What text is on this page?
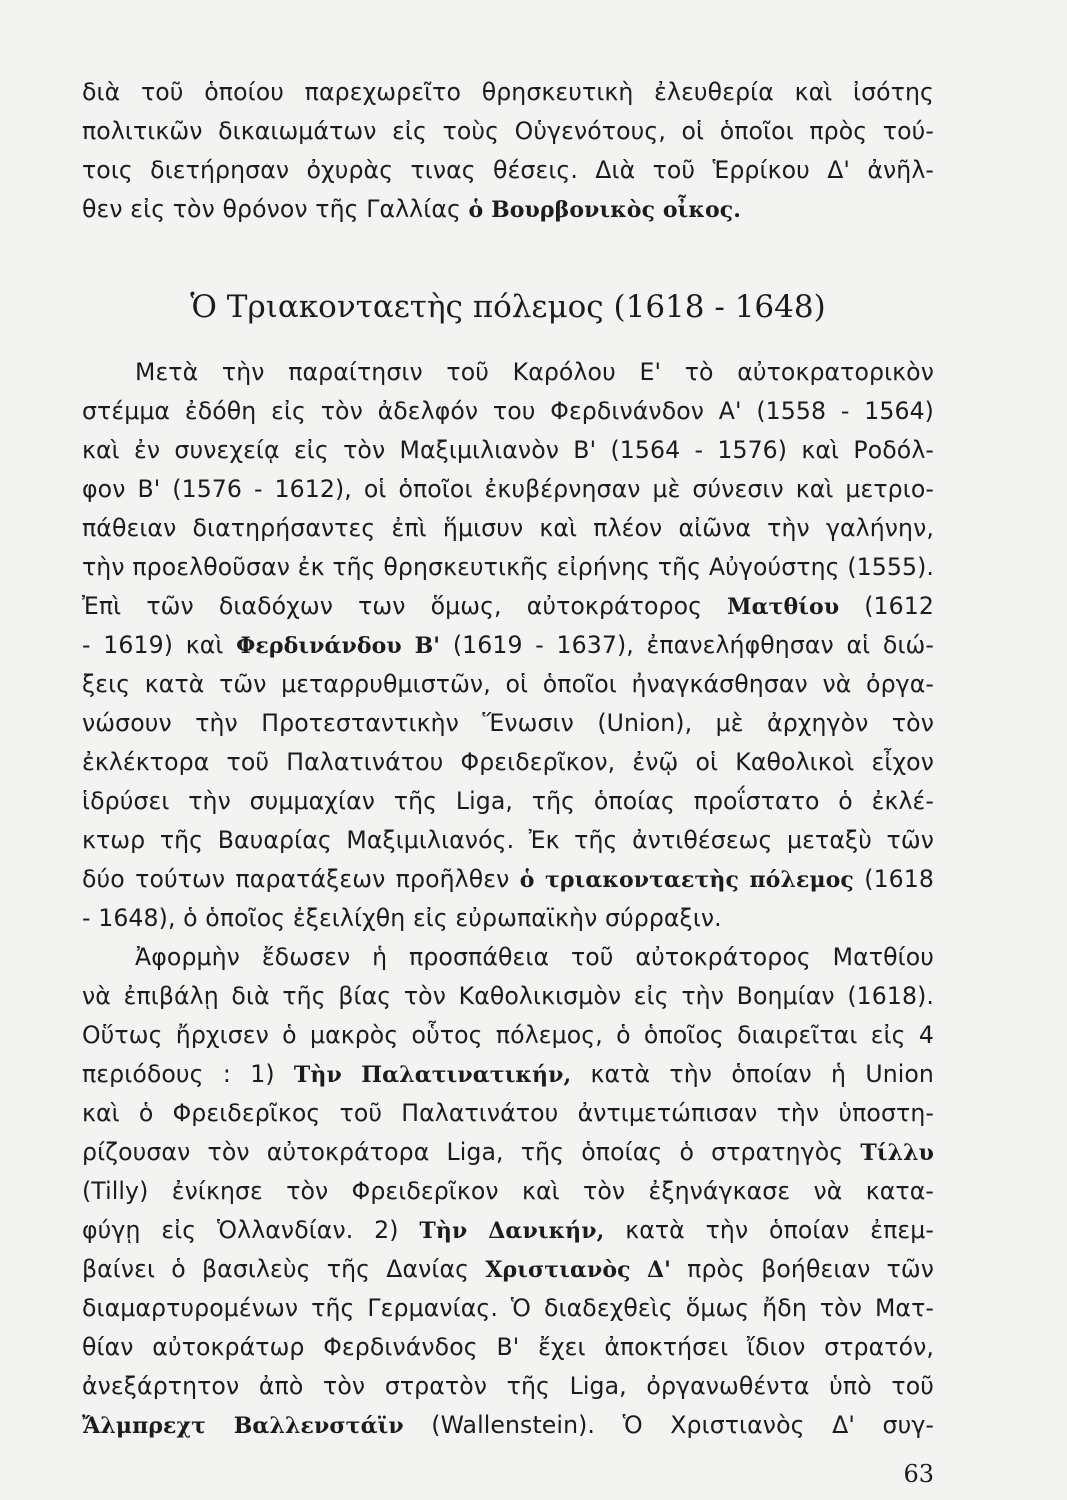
διὰ τοῦ ὁποίου παρεχωρεῖτο θρησκευτικὴ ἐλευθερία καὶ ἰσότης
πολιτικῶν δικαιωμάτων εἰς τοὺς Οὑγενότους, οἱ ὁποῖοι πρὸς τού-
τοις διετήρησαν ὀχυρὰς τινας θέσεις. Διὰ τοῦ Ἑρρίκου Δ' ἀνῆλ-
θεν εἰς τὸν θρόνον τῆς Γαλλίας ὁ Βουρβονικὸς οἶκος.
Ὁ Τριακονταετὴς πόλεμος (1618 - 1648)
Μετὰ τὴν παραίτησιν τοῦ Καρόλου Ε' τὸ αὐτοκρατορικὸν
στέμμα ἐδόθη εἰς τὸν ἀδελφόν του Φερδινάνδον Α' (1558 - 1564)
καὶ ἐν συνεχείᾳ εἰς τὸν Μαξιμιλιανὸν Β' (1564 - 1576) καὶ Ροδόλ-
φον Β' (1576 - 1612), οἱ ὁποῖοι ἐκυβέρνησαν μὲ σύνεσιν καὶ μετριο-
πάθειαν διατηρήσαντες ἐπὶ ἥμισυν καὶ πλέον αἰῶνα τὴν γαλήνην,
τὴν προελθοῦσαν ἐκ τῆς θρησκευτικῆς εἰρήνης τῆς Αὐγούστης (1555).
Ἐπὶ τῶν διαδόχων των ὅμως, αὐτοκράτορος Ματθίου (1612
- 1619) καὶ Φερδινάνδου Β' (1619 - 1637), ἐπανελήφθησαν αἱ διώ-
ξεις κατὰ τῶν μεταρρυθμιστῶν, οἱ ὁποῖοι ἠναγκάσθησαν νὰ ὀργα-
νώσουν τὴν Προτεσταντικὴν Ἕνωσιν (Union), μὲ ἀρχηγὸν τὸν
ἐκλέκτορα τοῦ Παλατινάτου Φρειδερῖκον, ἐνῷ οἱ Καθολικοὶ εἶχον
ἱδρύσει τὴν συμμαχίαν τῆς Liga, τῆς ὁποίας προΐστατο ὁ ἐκλέ-
κτωρ τῆς Βαυαρίας Μαξιμιλιανός. Ἐκ τῆς ἀντιθέσεως μεταξὺ τῶν
δύο τούτων παρατάξεων προῆλθεν ὁ τριακονταετὴς πόλεμος (1618
- 1648), ὁ ὁποῖος ἐξειλίχθη εἰς εὐρωπαϊκὴν σύρραξιν.
Ἀφορμὴν ἔδωσεν ἡ προσπάθεια τοῦ αὐτοκράτορος Ματθίου
νὰ ἐπιβάλῃ διὰ τῆς βίας τὸν Καθολικισμὸν εἰς τὴν Βοημίαν (1618).
Οὕτως ἤρχισεν ὁ μακρὸς οὗτος πόλεμος, ὁ ὁποῖος διαιρεῖται εἰς 4
περιόδους : 1) Τὴν Παλατινατικήν, κατὰ τὴν ὁποίαν ἡ Union
καὶ ὁ Φρειδερῖκος τοῦ Παλατινάτου ἀντιμετώπισαν τὴν ὑποστη-
ρίζουσαν τὸν αὐτοκράτορα Liga, τῆς ὁποίας ὁ στρατηγὸς Τίλλυ
(Tilly) ἐνίκησε τὸν Φρειδερῖκον καὶ τὸν ἐξηνάγκασε νὰ κατα-
φύγῃ εἰς Ὁλλανδίαν. 2) Τὴν Δανικήν, κατὰ τὴν ὁποίαν ἐπεμ-
βαίνει ὁ βασιλεὺς τῆς Δανίας Χριστιανὸς Δ' πρὸς βοήθειαν τῶν
διαμαρτυρομένων τῆς Γερμανίας. Ὁ διαδεχθεὶς ὅμως ἤδη τὸν Ματ-
θίαν αὐτοκράτωρ Φερδινάνδος Β' ἔχει ἀποκτήσει ἴδιον στρατόν,
ἀνεξάρτητον ἀπὸ τὸν στρατὸν τῆς Liga, ὀργανωθέντα ὑπὸ τοῦ
Ἄλμπρεχτ Βαλλενστάϊν (Wallenstein). Ὁ Χριστιανὸς Δ' συγ-
63
